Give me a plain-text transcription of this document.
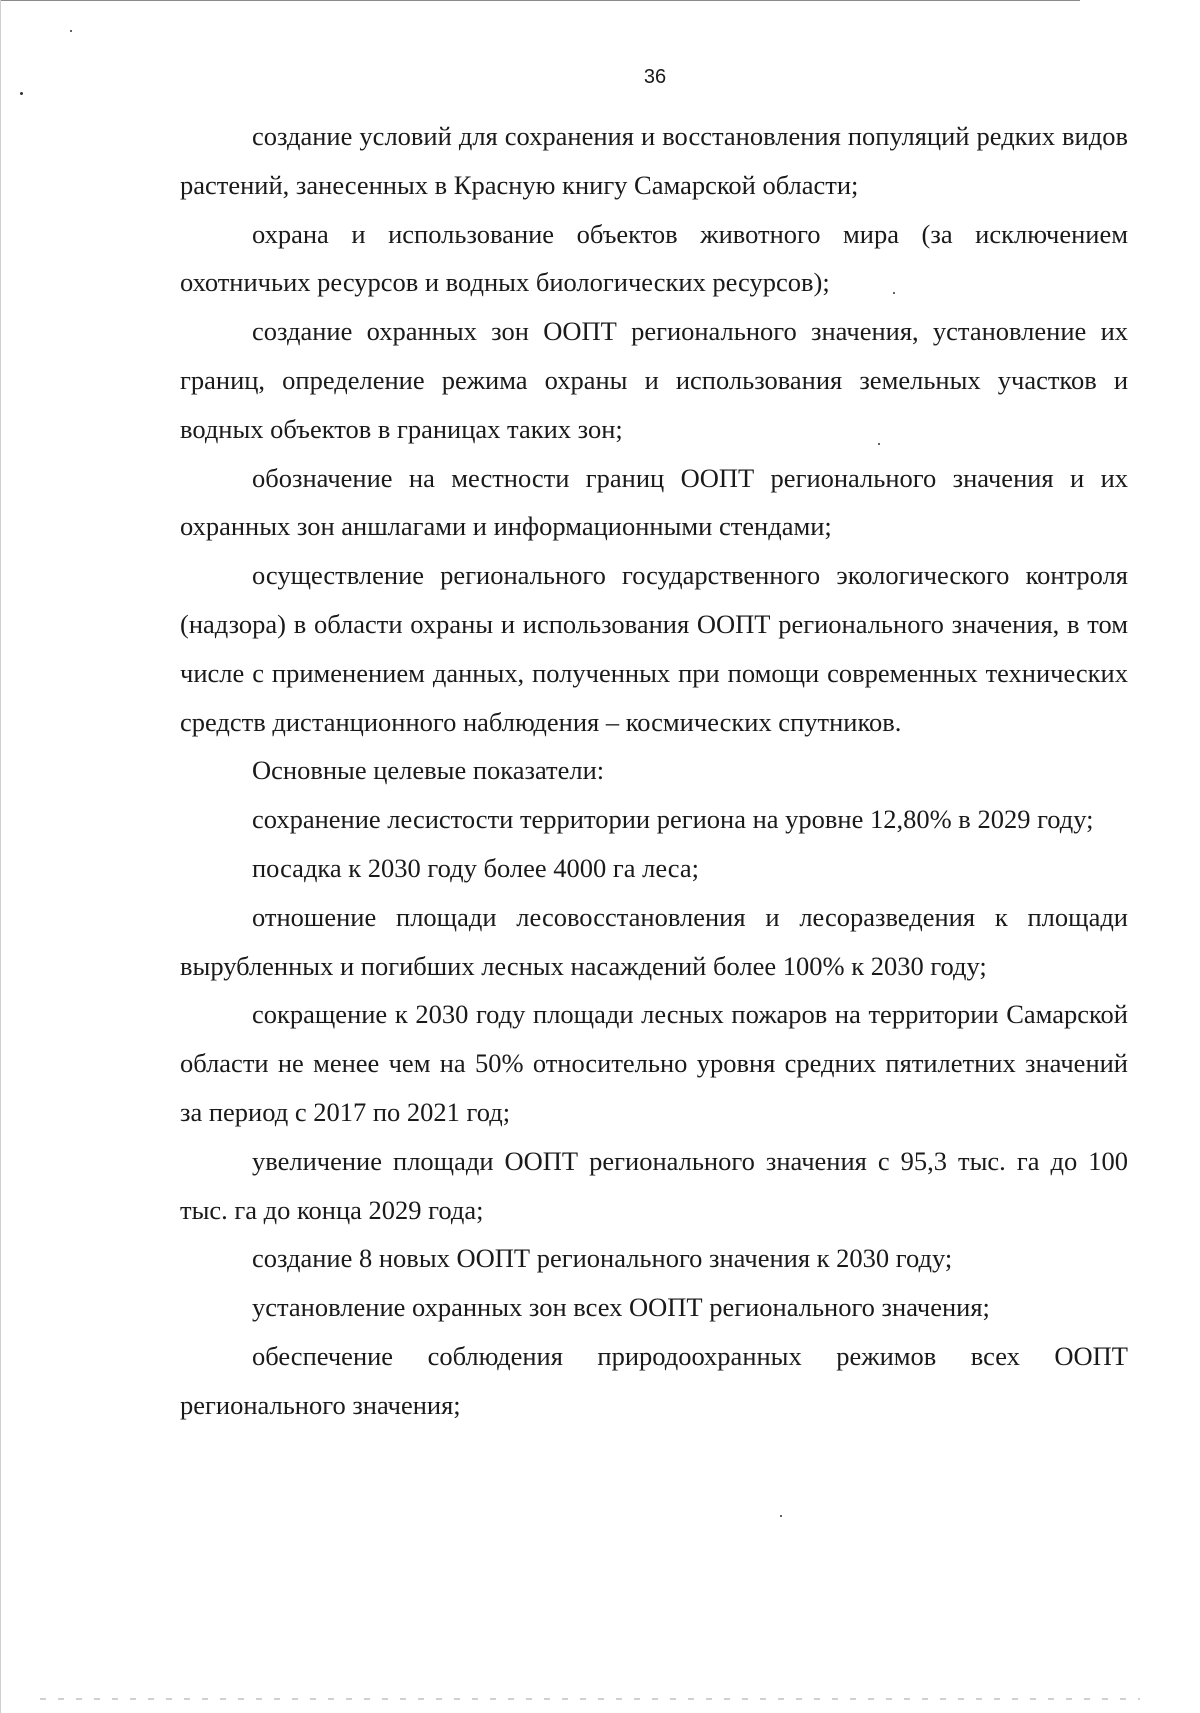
36

создание условий для сохранения и восстановления популяций редких видов растений, занесенных в Красную книгу Самарской области;

охрана и использование объектов животного мира (за исключением охотничьих ресурсов и водных биологических ресурсов);

создание охранных зон ООПТ регионального значения, установление их границ, определение режима охраны и использования земельных участков и водных объектов в границах таких зон;

обозначение на местности границ ООПТ регионального значения и их охранных зон аншлагами и информационными стендами;

осуществление регионального государственного экологического контроля (надзора) в области охраны и использования ООПТ регионального значения, в том числе с применением данных, полученных при помощи современных технических средств дистанционного наблюдения – космических спутников.

Основные целевые показатели:

сохранение лесистости территории региона на уровне 12,80% в 2029 году;

посадка к 2030 году более 4000 га леса;

отношение площади лесовосстановления и лесоразведения к площади вырубленных и погибших лесных насаждений более 100% к 2030 году;

сокращение к 2030 году площади лесных пожаров на территории Самарской области не менее чем на 50% относительно уровня средних пятилетних значений за период с 2017 по 2021 год;

увеличение площади ООПТ регионального значения с 95,3 тыс. га до 100 тыс. га до конца 2029 года;

создание 8 новых ООПТ регионального значения к 2030 году;

установление охранных зон всех ООПТ регионального значения;

обеспечение соблюдения природоохранных режимов всех ООПТ регионального значения;
